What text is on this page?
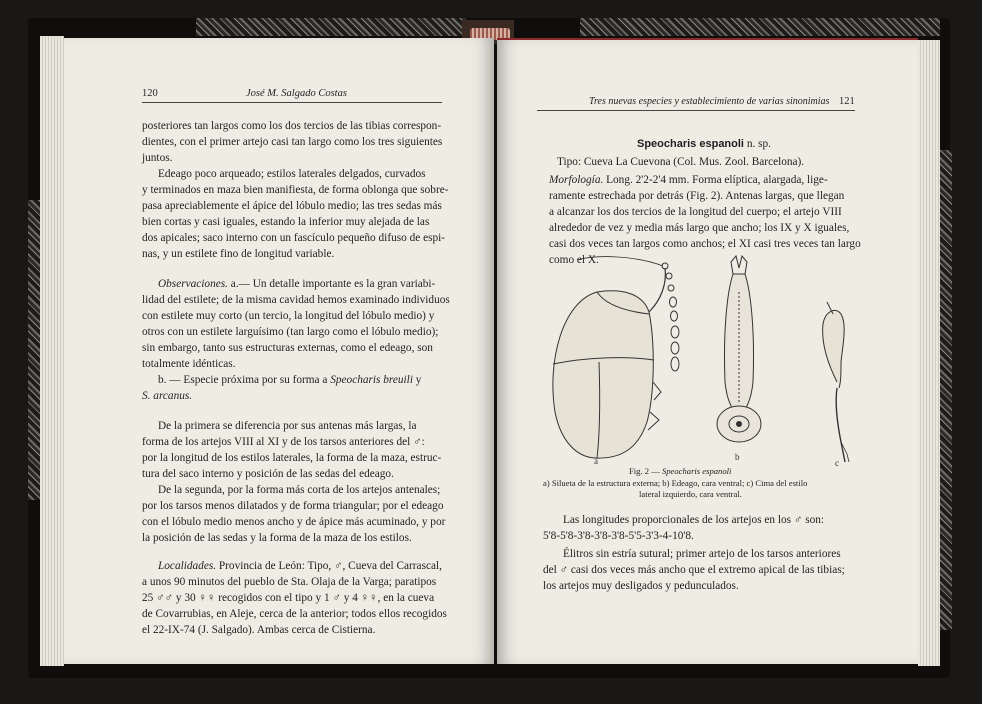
120	José M. Salgado Costas
posteriores tan largos como los dos tercios de las tibias correspon-
dientes, con el primer artejo casi tan largo como los tres siguientes
juntos.
Edeago poco arqueado; estilos laterales delgados, curvados
y terminados en maza bien manifiesta, de forma oblonga que sobre-
pasa apreciablemente el ápice del lóbulo medio; las tres sedas más
bien cortas y casi iguales, estando la inferior muy alejada de las
dos apicales; saco interno con un fascículo pequeño difuso de espi-
nas, y un estilete fino de longitud variable.
Observaciones. a.— Un detalle importante es la gran variabi-
lidad del estilete; de la misma cavidad hemos examinado individuos
con estilete muy corto (un tercio, la longitud del lóbulo medio) y
otros con un estilete larguísimo (tan largo como el lóbulo medio);
sin embargo, tanto sus estructuras externas, como el edeago, son
totalmente idénticas.
b. — Especie próxima por su forma a Speocharis breuili y
S. arcanus.
De la primera se diferencia por sus antenas más largas, la
forma de los artejos VIII al XI y de los tarsos anteriores del ♂:
por la longitud de los estilos laterales, la forma de la maza, estruc-
tura del saco interno y posición de las sedas del edeago.
De la segunda, por la forma más corta de los artejos antenales;
por los tarsos menos dilatados y de forma triangular; por el edeago
con el lóbulo medio menos ancho y de ápice más acuminado, y por
la posición de las sedas y la forma de la maza de los estilos.
Localidades. Provincia de León: Tipo, ♂, Cueva del Carrascal,
a unos 90 minutos del pueblo de Sta. Olaja de la Varga; paratipos
25 ♂♂ y 30 ♀♀ recogidos con el tipo y 1 ♂ y 4 ♀♀, en la cueva
de Covarrubias, en Aleje, cerca de la anterior; todos ellos recogidos
el 22-IX-74 (J. Salgado). Ambas cerca de Cistierna.
Tres nuevas especies y establecimiento de varias sinonimias 121
Speocharis espanoli n. sp.
Tipo: Cueva La Cuevona (Col. Mus. Zool. Barcelona).
Morfología. Long. 2'2-2'4 mm. Forma elíptica, alargada, lige-
ramente estrechada por detrás (Fig. 2). Antenas largas, que llegan
a alcanzar los dos tercios de la longitud del cuerpo; el artejo VIII
alrededor de vez y media más largo que ancho; los IX y X iguales,
casi dos veces tan largos como anchos; el XI casi tres veces tan largo
como el X.
a	b
c
Fig. 2 — Speocharis espanoli
a) Silueta de la estructura externa; b) Edeago, cara ventral; c) Cima del estilo
lateral izquierdo, cara ventral.
Las longitudes proporcionales de los artejos en los ♂ son:
5'8-5'8-3'8-3'8-3'8-5'5-3'3-4-10'8.
Élitros sin estría sutural; primer artejo de los tarsos anteriores
del ♂ casi dos veces más ancho que el extremo apical de las tibias;
los artejos muy desligados y pedunculados.
